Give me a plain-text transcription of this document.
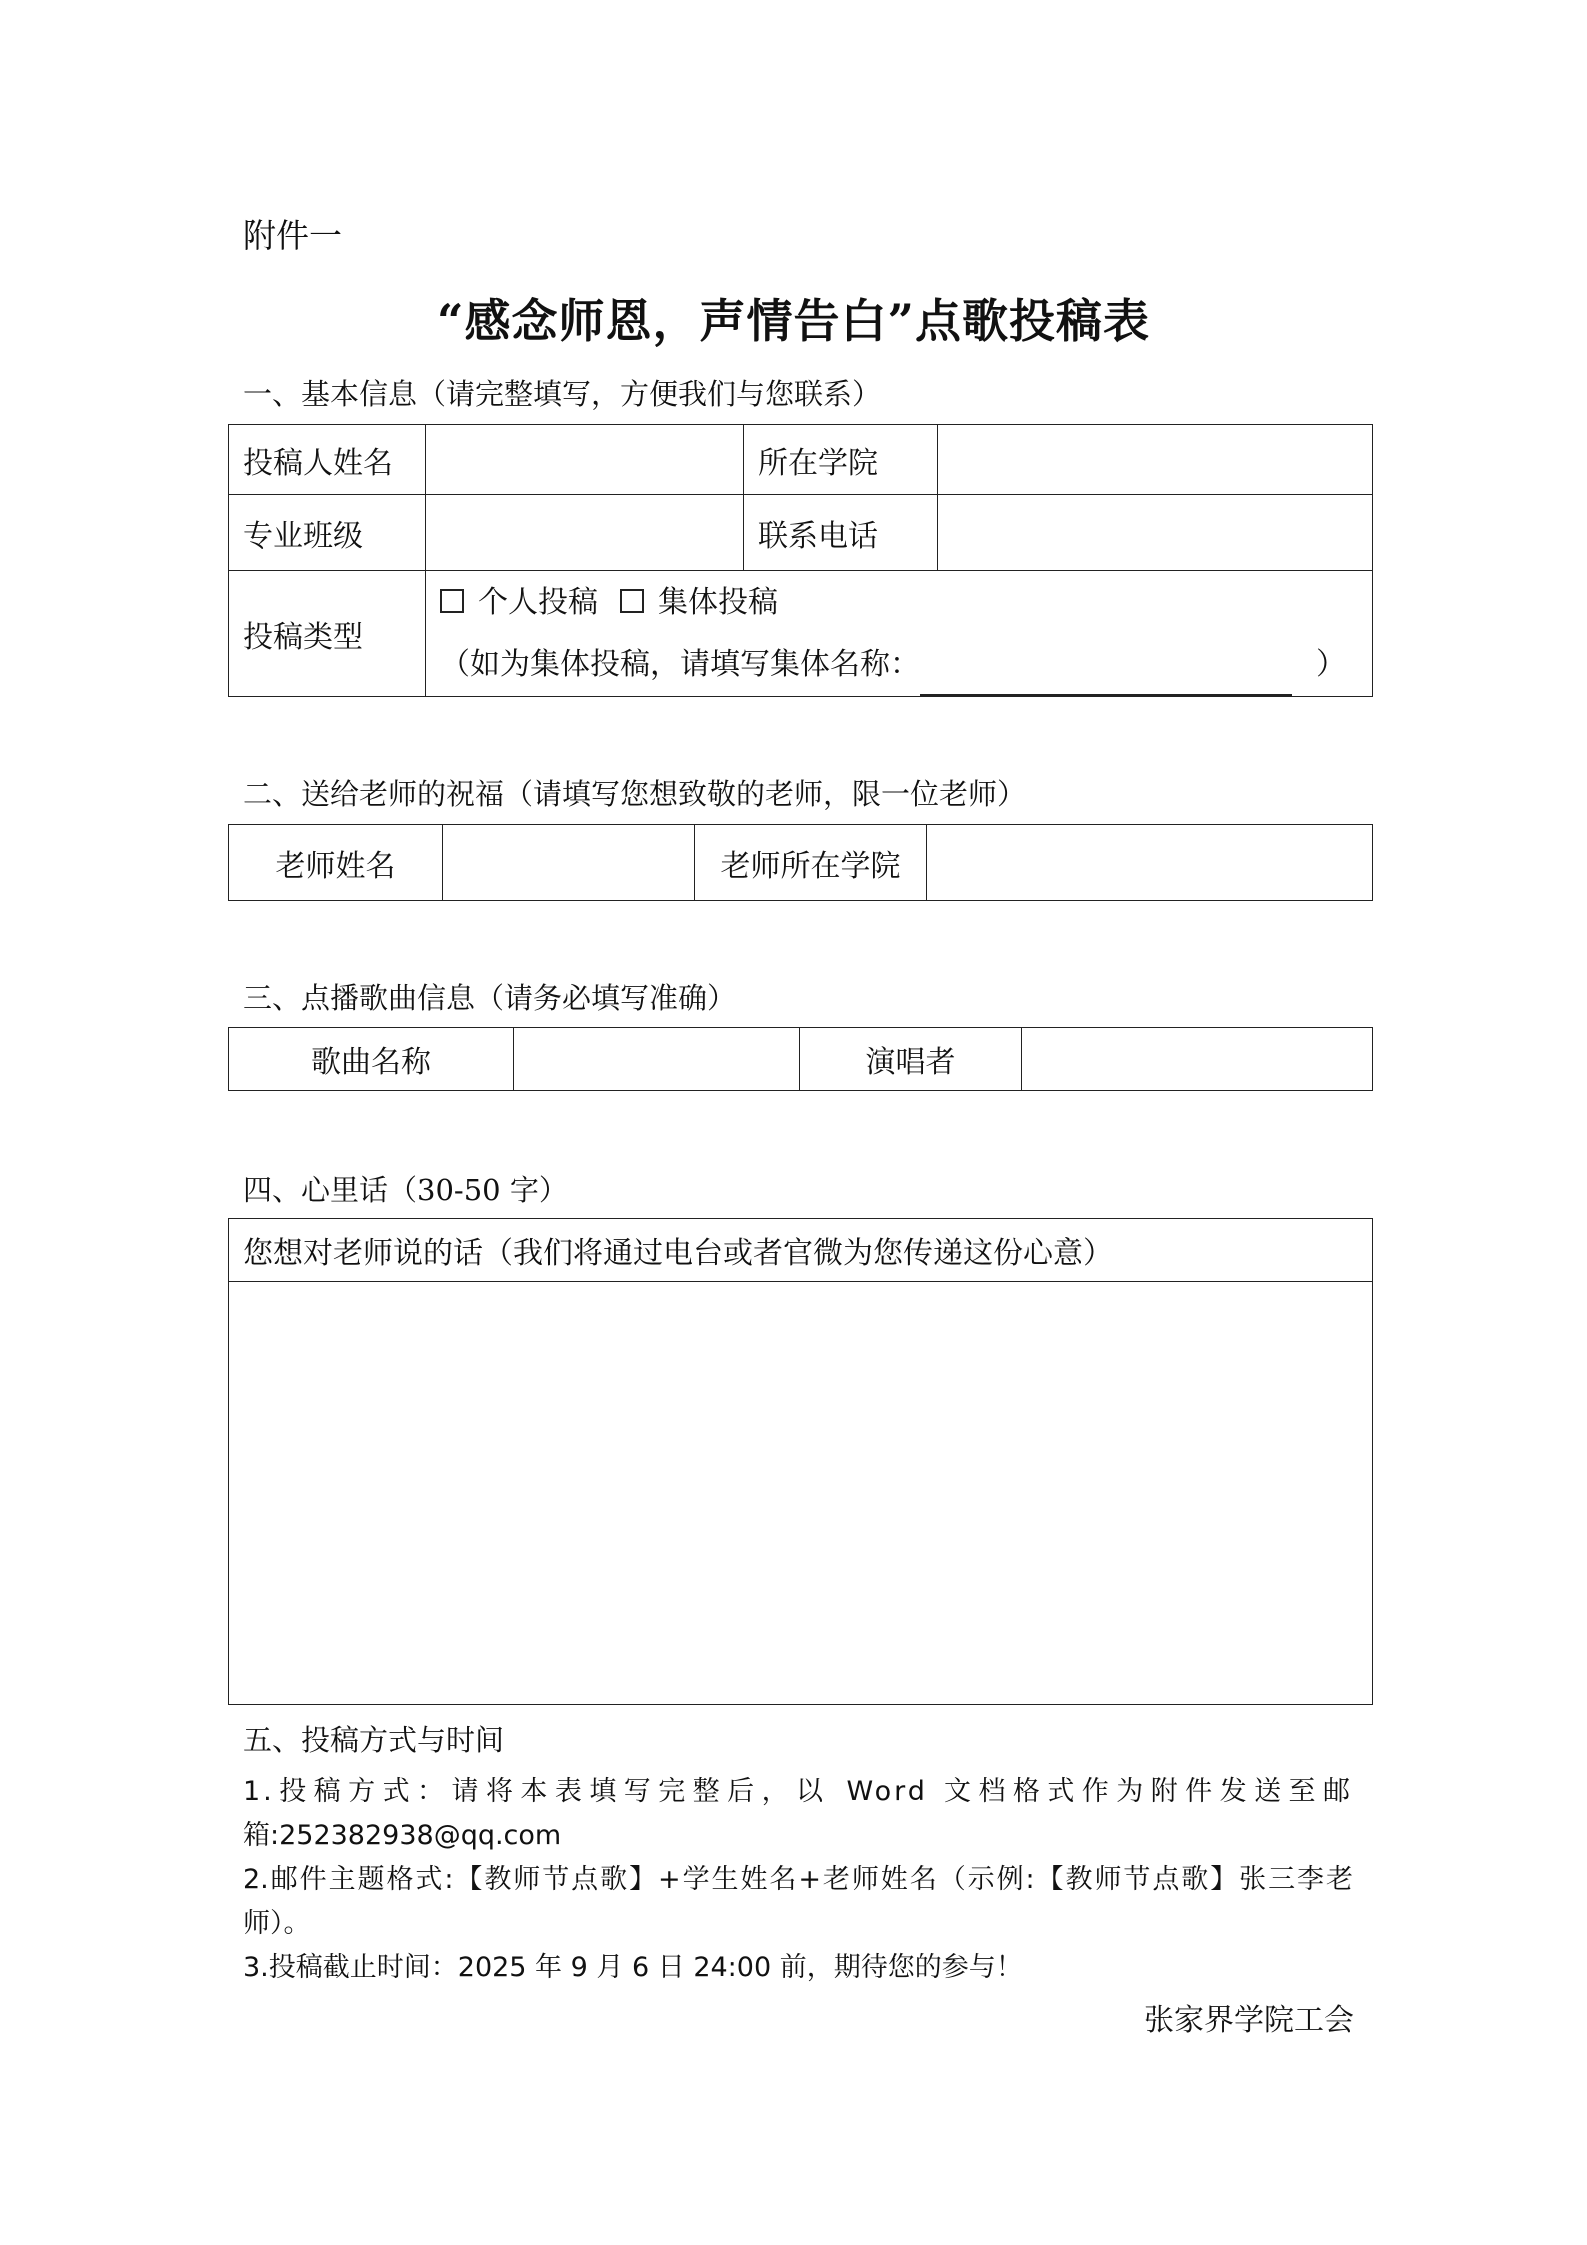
附件一
“感念师恩，声情告白”点歌投稿表
一、基本信息（请完整填写，方便我们与您联系）
投稿人姓名		所在学院	
专业班级		联系电话	
投稿类型	个人投稿 集体投稿
（如为集体投稿，请填写集体名称： ）		
二、送给老师的祝福（请填写您想致敬的老师，限一位老师）
老师姓名		老师所在学院	
三、点播歌曲信息（请务必填写准确）
歌曲名称		演唱者	
四、心里话（30-50 字）
您想对老师说的话（我们将通过电台或者官微为您传递这份心意）

五、投稿方式与时间

1.投稿方式：请将本表填写完整后，以 Word 文档格式作为附件发送至邮

箱:252382938@qq.com

2.邮件主题格式:【教师节点歌】+学生姓名+老师姓名（示例:【教师节点歌】张三李老

师）。

3.投稿截止时间：2025 年 9 月 6 日 24:00 前，期待您的参与！

张家界学院工会
